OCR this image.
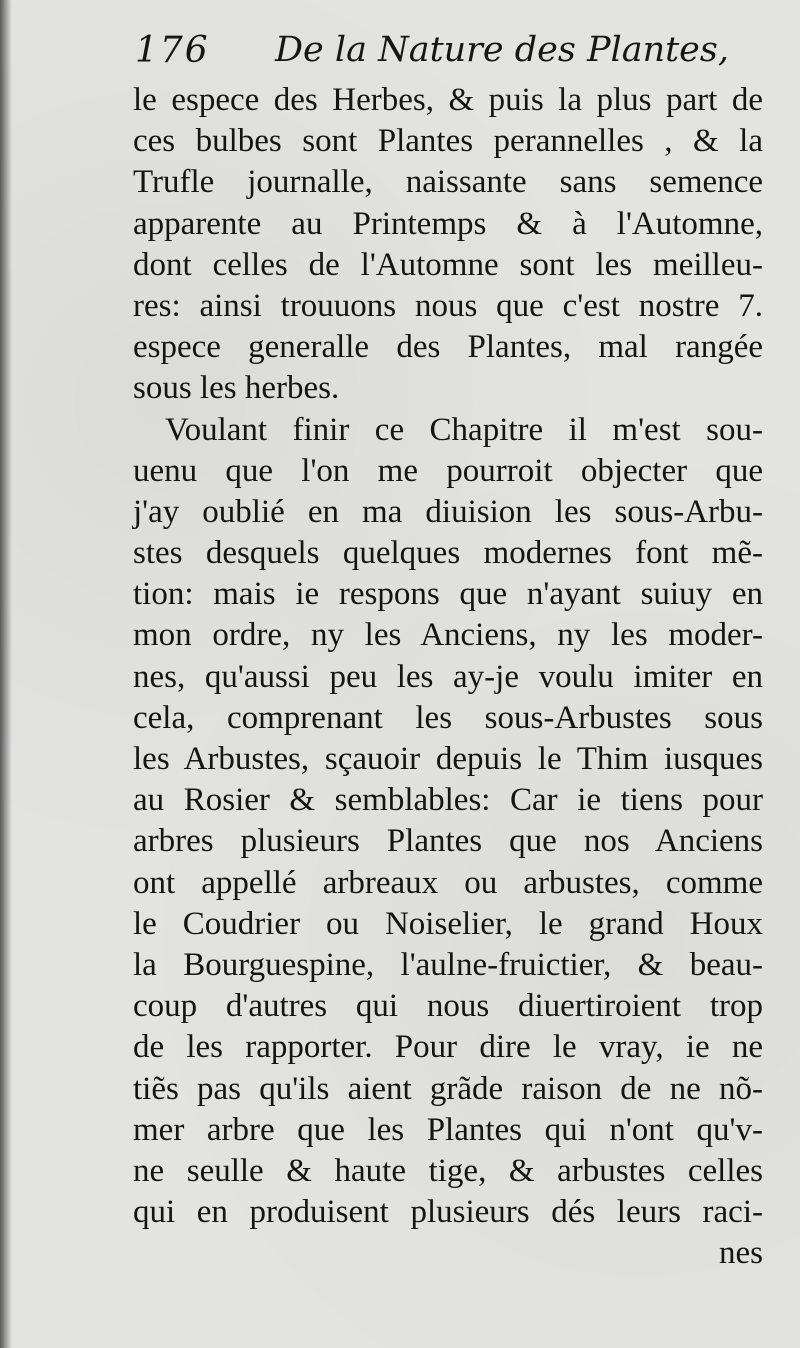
176 De la Nature des Plantes,
le espece des Herbes, & puis la plus part de
ces bulbes sont Plantes perannelles , & la
Trufle journalle, naissante sans semence
apparente au Printemps & à l'Automne,
dont celles de l'Automne sont les meilleu-
res: ainsi trouuons nous que c'est nostre 7.
espece generalle des Plantes, mal rangée
sous les herbes.
Voulant finir ce Chapitre il m'est sou-
uenu que l'on me pourroit objecter que
j'ay oublié en ma diuision les sous-Arbu-
stes desquels quelques modernes font mẽ-
tion: mais ie respons que n'ayant suiuy en
mon ordre, ny les Anciens, ny les moder-
nes, qu'aussi peu les ay-je voulu imiter en
cela, comprenant les sous-Arbustes sous
les Arbustes, sçauoir depuis le Thim iusques
au Rosier & semblables: Car ie tiens pour
arbres plusieurs Plantes que nos Anciens
ont appellé arbreaux ou arbustes, comme
le Coudrier ou Noiselier, le grand Houx
la Bourguespine, l'aulne-fruictier, & beau-
coup d'autres qui nous diuertiroient trop
de les rapporter. Pour dire le vray, ie ne
tiẽs pas qu'ils aient grãde raison de ne nõ-
mer arbre que les Plantes qui n'ont qu'v-
ne seulle & haute tige, & arbustes celles
qui en produisent plusieurs dés leurs raci-
nes
